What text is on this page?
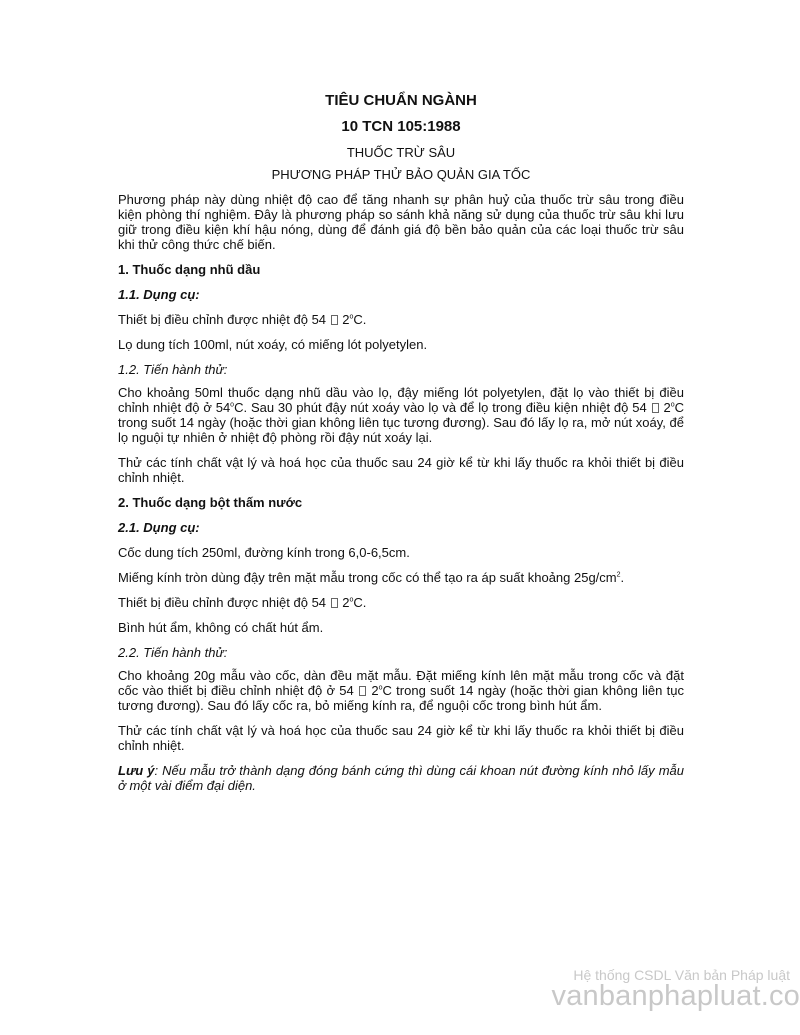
TIÊU CHUẨN NGÀNH
10 TCN 105:1988
THUỐC TRỪ SÂU
PHƯƠNG PHÁP THỬ BẢO QUẢN GIA TỐC

Phương pháp này dùng nhiệt độ cao để tăng nhanh sự phân huỷ của thuốc trừ sâu trong điều kiện phòng thí nghiệm. Đây là phương pháp so sánh khả năng sử dụng của thuốc trừ sâu khi lưu giữ trong điều kiện khí hậu nóng, dùng để đánh giá độ bền bảo quản của các loại thuốc trừ sâu khi thử công thức chế biến.

1. Thuốc dạng nhũ dầu
1.1. Dụng cụ:

Thiết bị điều chỉnh được nhiệt độ 54 2$^o$C.

Lọ dung tích 100ml, nút xoáy, có miếng lót polyetylen.

1.2. Tiến hành thử:

Cho khoảng 50ml thuốc dạng nhũ dầu vào lọ, đậy miếng lót polyetylen, đặt lọ vào thiết bị điều chỉnh nhiệt độ ở 54$^o$C. Sau 30 phút đậy nút xoáy vào lọ và để lọ trong điều kiện nhiệt độ 54 2$^o$C trong suốt 14 ngày (hoặc thời gian không liên tục tương đương). Sau đó lấy lọ ra, mở nút xoáy, để lọ nguội tự nhiên ở nhiệt độ phòng rồi đậy nút xoáy lại.

Thử các tính chất vật lý và hoá học của thuốc sau 24 giờ kể từ khi lấy thuốc ra khỏi thiết bị điều chỉnh nhiệt.

2. Thuốc dạng bột thấm nước
2.1. Dụng cụ:

Cốc dung tích 250ml, đường kính trong 6,0-6,5cm.

Miếng kính tròn dùng đậy trên mặt mẫu trong cốc có thể tạo ra áp suất khoảng $25g/cm^2$.

Thiết bị điều chỉnh được nhiệt độ 54 2$^o$C.

Bình hút ẩm, không có chất hút ẩm.

2.2. Tiến hành thử:

Cho khoảng 20g mẫu vào cốc, dàn đều mặt mẫu. Đặt miếng kính lên mặt mẫu trong cốc và đặt cốc vào thiết bị điều chỉnh nhiệt độ ở 54 2$^o$C trong suốt 14 ngày (hoặc thời gian không liên tục tương đương). Sau đó lấy cốc ra, bỏ miếng kính ra, để nguội cốc trong bình hút ẩm.

Thử các tính chất vật lý và hoá học của thuốc sau 24 giờ kể từ khi lấy thuốc ra khỏi thiết bị điều chỉnh nhiệt.

Lưu ý: Nếu mẫu trở thành dạng đóng bánh cứng thì dùng cái khoan nút đường kính nhỏ lấy mẫu ở một vài điểm đại diện.

Hệ thống CSDL Văn bản Pháp luật
vanbanphapluat.co
